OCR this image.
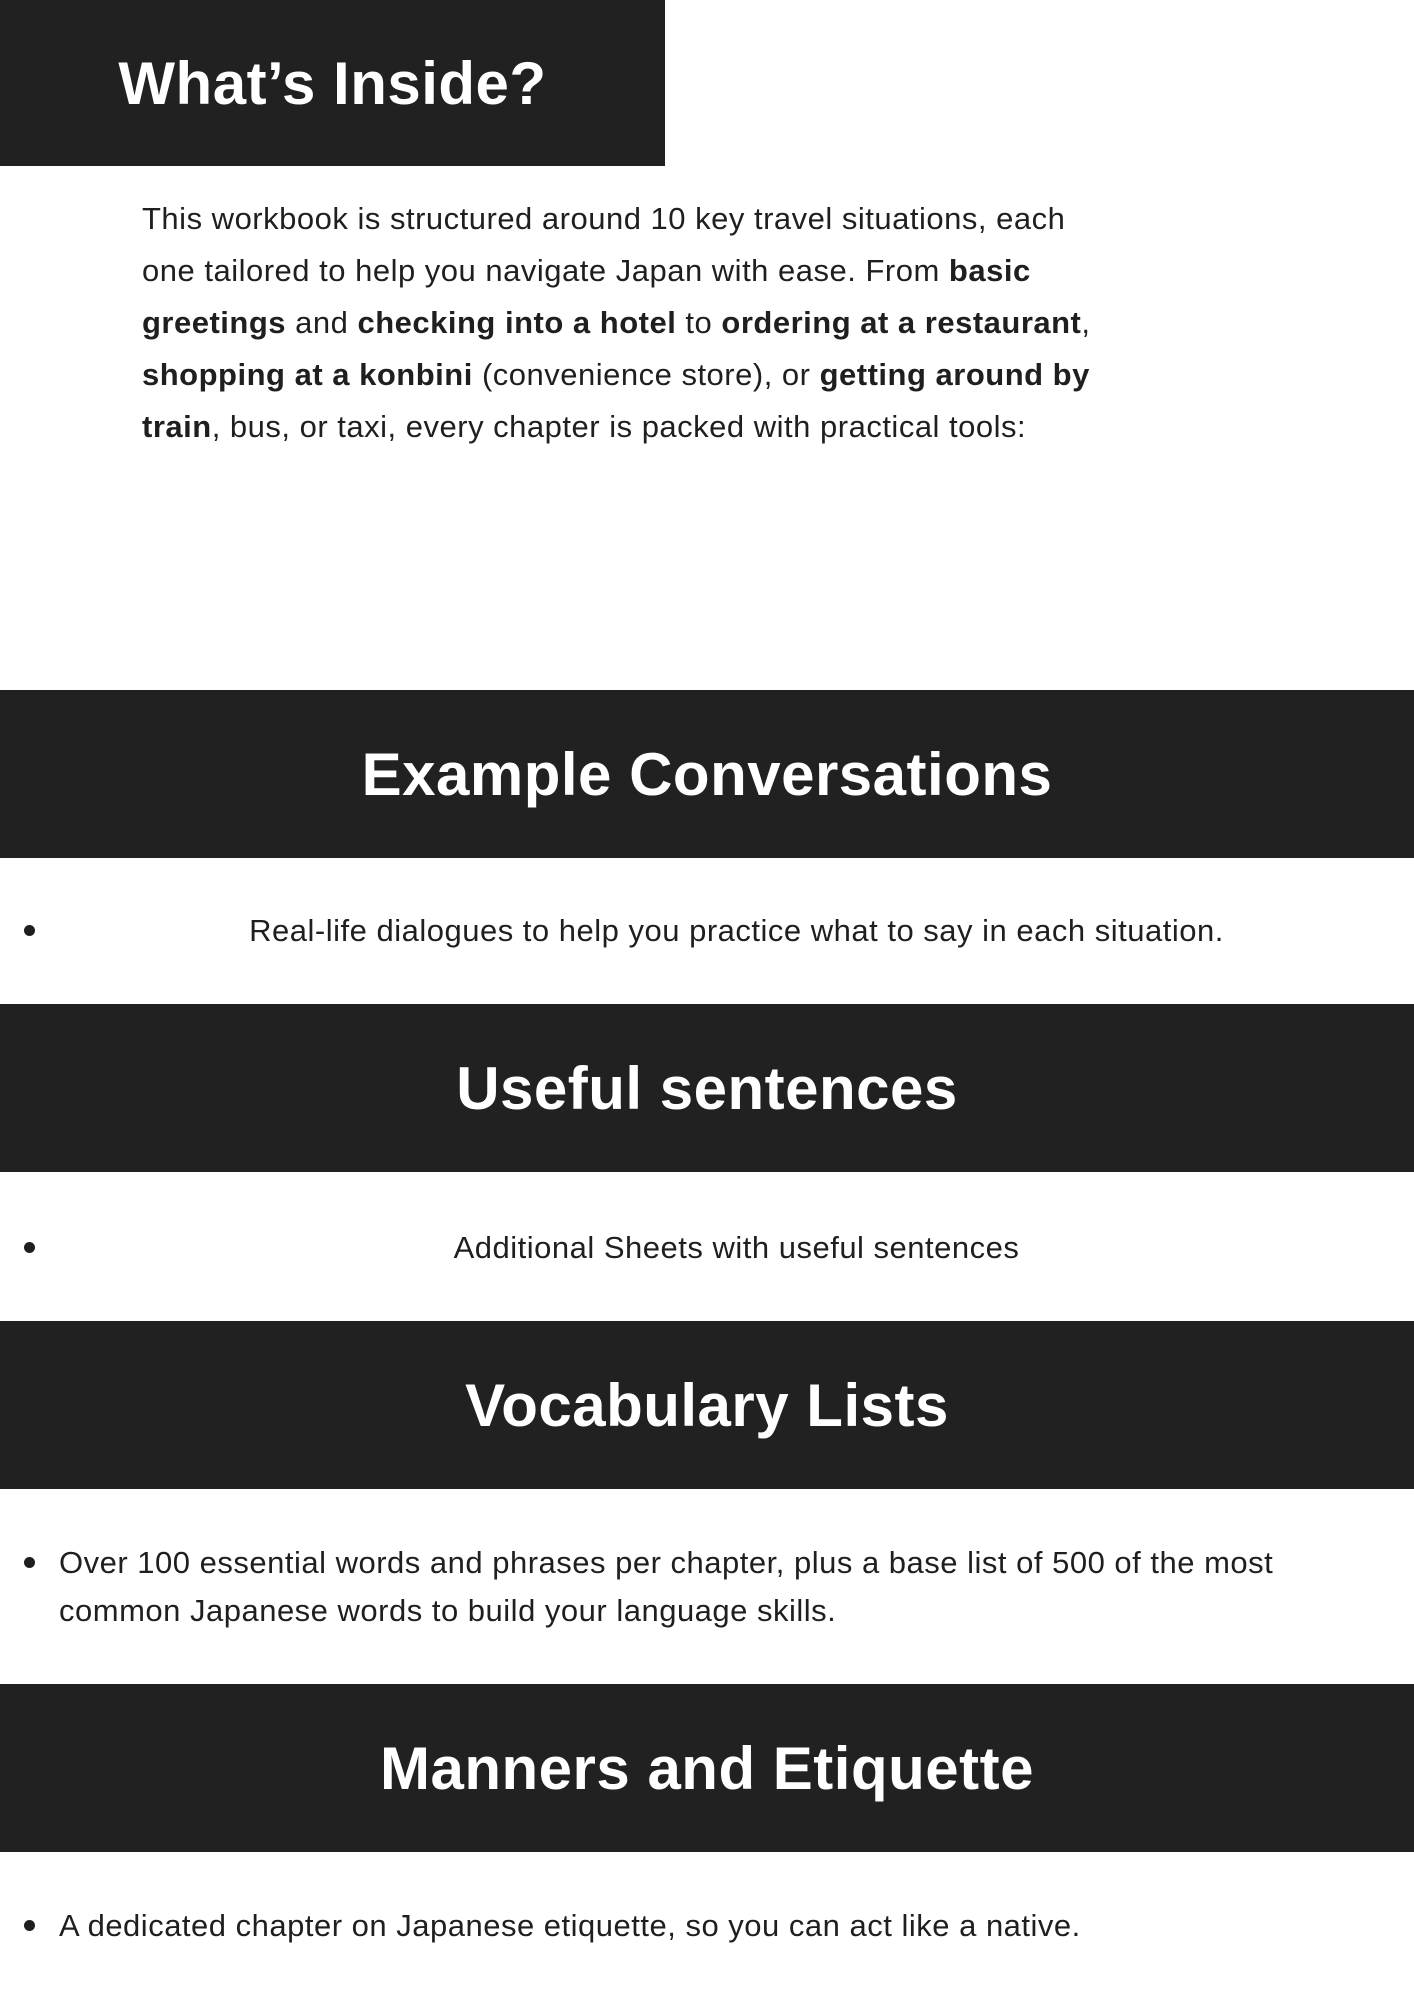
What’s Inside?

This workbook is structured around 10 key travel situations, each
one tailored to help you navigate Japan with ease. From basic
greetings and checking into a hotel to ordering at a restaurant,
shopping at a konbini (convenience store), or getting around by
train, bus, or taxi, every chapter is packed with practical tools:

Example Conversations
Real-life dialogues to help you practice what to say in each situation.
Useful sentences
Additional Sheets with useful sentences
Vocabulary Lists
Over 100 essential words and phrases per chapter, plus a base list of 500 of the most common Japanese words to build your language skills.
Manners and Etiquette
A dedicated chapter on Japanese etiquette, so you can act like a native.
